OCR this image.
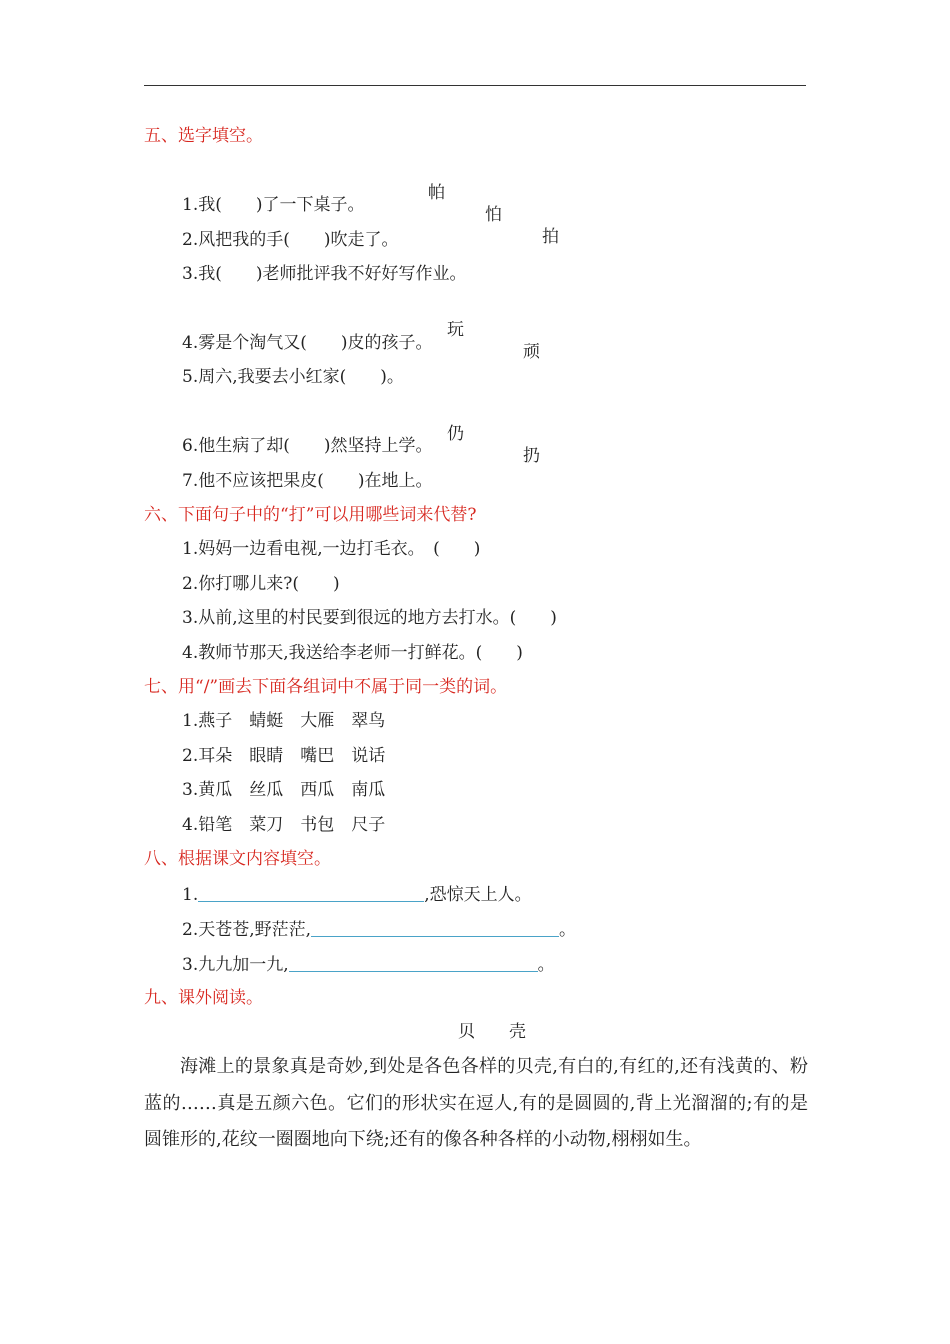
五、选字填空。

帕

怕

拍

1.我(　　)了一下桌子。
2.风把我的手(　　)吹走了。
3.我(　　)老师批评我不好好写作业。

玩

顽

4.雾是个淘气又(　　)皮的孩子。
5.周六,我要去小红家(　　)。

仍

扔

6.他生病了却(　　)然坚持上学。
7.他不应该把果皮(　　)在地上。
六、下面句子中的“打”可以用哪些词来代替?
1.妈妈一边看电视,一边打毛衣。　(　　)
2.你打哪儿来?(　　)
3.从前,这里的村民要到很远的地方去打水。(　　)
4.教师节那天,我送给李老师一打鲜花。(　　)
七、用“/”画去下面各组词中不属于同一类的词。
1.燕子　蜻蜓　大雁　翠鸟
2.耳朵　眼睛　嘴巴　说话
3.黄瓜　丝瓜　西瓜　南瓜
4.铅笔　菜刀　书包　尺子
八、根据课文内容填空。
1.	,恐惊天上人。
2.天苍苍,野茫茫,	。
3.九九加一九,	。
九、课外阅读。
贝　　壳

海滩上的景象真是奇妙,到处是各色各样的贝壳,有白的,有红的,还有浅黄的、粉蓝的……真是五颜六色。它们的形状实在逗人,有的是圆圆的,背上光溜溜的;有的是圆锥形的,花纹一圈圈地向下绕;还有的像各种各样的小动物,栩栩如生。
